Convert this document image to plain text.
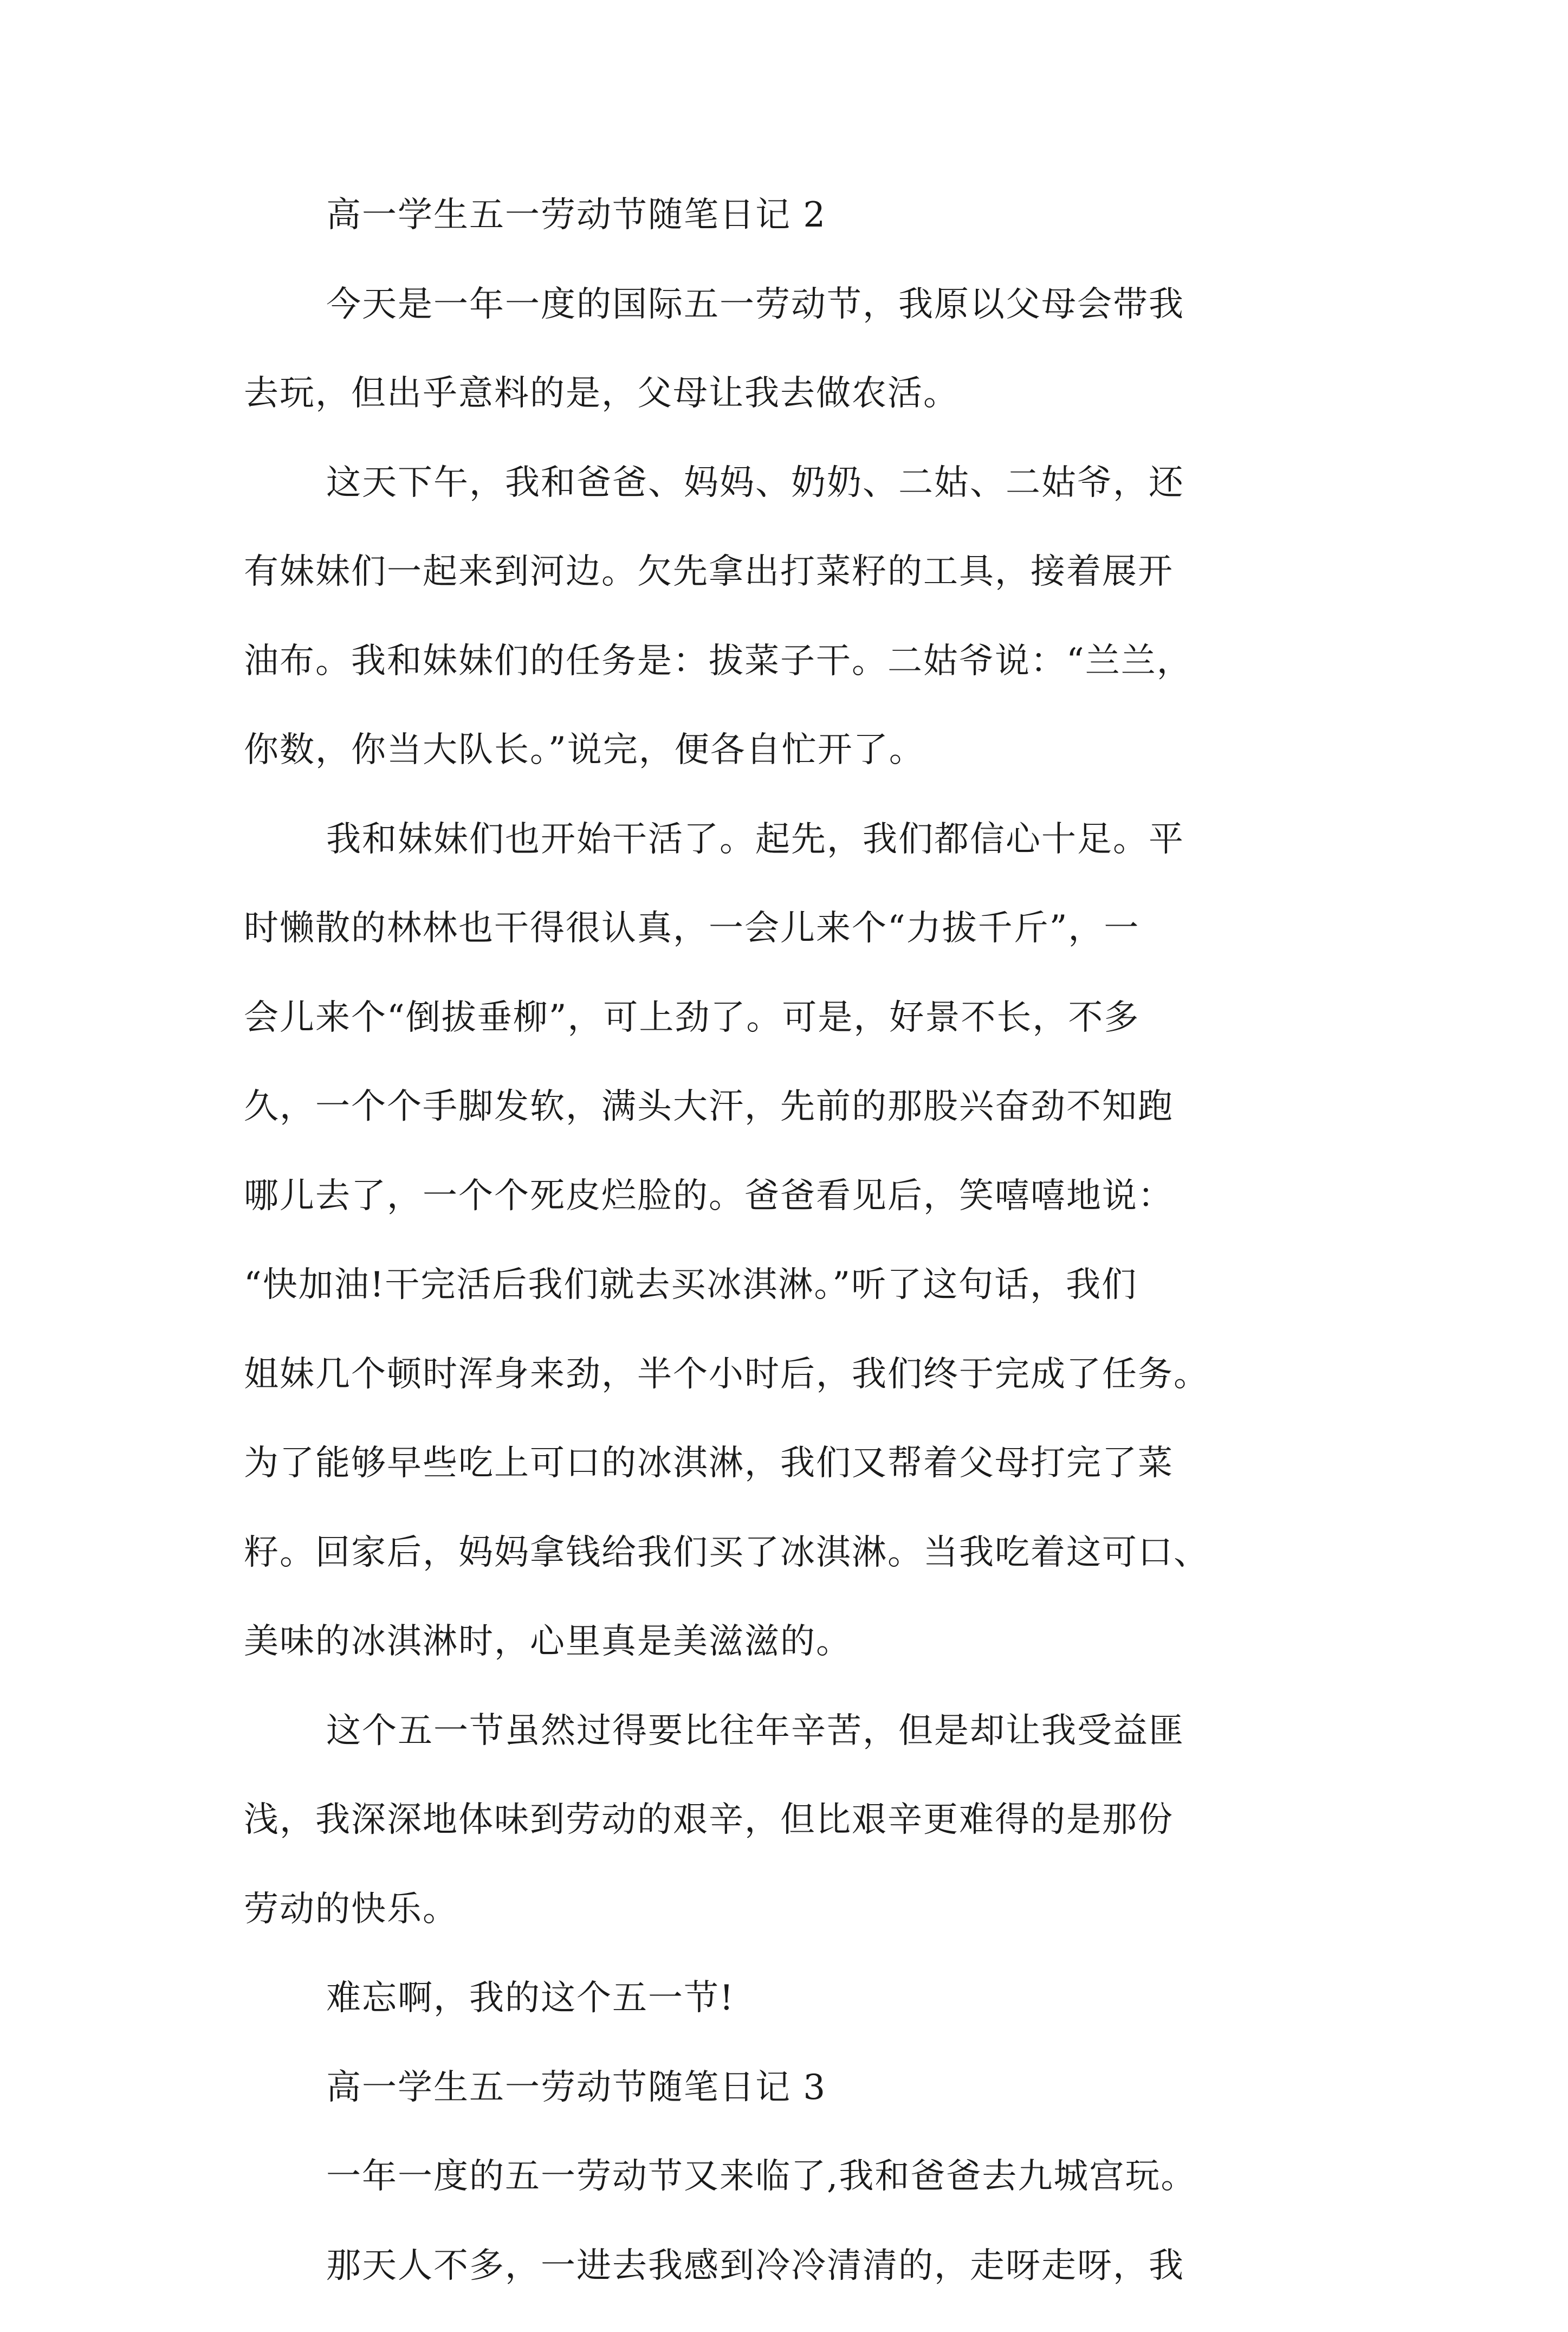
高一学生五一劳动节随笔日记 2
今天是一年一度的国际五一劳动节，我原以父母会带我
去玩，但出乎意料的是，父母让我去做农活。
这天下午，我和爸爸、妈妈、奶奶、二姑、二姑爷，还
有妹妹们一起来到河边。欠先拿出打菜籽的工具，接着展开
油布。我和妹妹们的任务是：拔菜子干。二姑爷说：“兰兰，
你数，你当大队长。”说完，便各自忙开了。
我和妹妹们也开始干活了。起先，我们都信心十足。平
时懒散的林林也干得很认真，一会儿来个“力拔千斤”，一
会儿来个“倒拔垂柳”，可上劲了。可是，好景不长，不多
久，一个个手脚发软，满头大汗，先前的那股兴奋劲不知跑
哪儿去了，一个个死皮烂脸的。爸爸看见后，笑嘻嘻地说：
“快加油!干完活后我们就去买冰淇淋。”听了这句话，我们
姐妹几个顿时浑身来劲，半个小时后，我们终于完成了任务。
为了能够早些吃上可口的冰淇淋，我们又帮着父母打完了菜
籽。回家后，妈妈拿钱给我们买了冰淇淋。当我吃着这可口、
美味的冰淇淋时，心里真是美滋滋的。
这个五一节虽然过得要比往年辛苦，但是却让我受益匪
浅，我深深地体味到劳动的艰辛，但比艰辛更难得的是那份
劳动的快乐。
难忘啊，我的这个五一节!
高一学生五一劳动节随笔日记 3
一年一度的五一劳动节又来临了,我和爸爸去九城宫玩。
那天人不多，一进去我感到冷冷清清的，走呀走呀，我
